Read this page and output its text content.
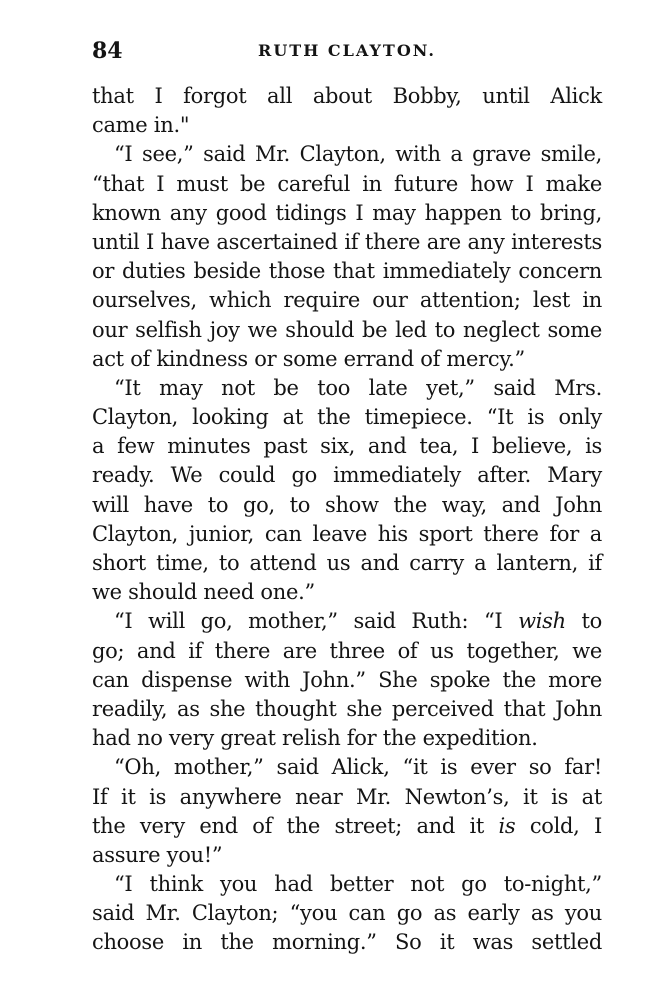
84	RUTH CLAYTON.
that I forgot all about Bobby, until Alick
came in."
“I see,” said Mr. Clayton, with a grave smile,
“that I must be careful in future how I make
known any good tidings I may happen to bring,
until I have ascertained if there are any interests
or duties beside those that immediately concern
ourselves, which require our attention; lest in
our selfish joy we should be led to neglect some
act of kindness or some errand of mercy.”
“It may not be too late yet,” said Mrs.
Clayton, looking at the timepiece. “It is only
a few minutes past six, and tea, I believe, is
ready. We could go immediately after. Mary
will have to go, to show the way, and John
Clayton, junior, can leave his sport there for a
short time, to attend us and carry a lantern, if
we should need one.”
“I will go, mother,” said Ruth: “I wish to
go; and if there are three of us together, we
can dispense with John.” She spoke the more
readily, as she thought she perceived that John
had no very great relish for the expedition.
“Oh, mother,” said Alick, “it is ever so far!
If it is anywhere near Mr. Newton’s, it is at
the very end of the street; and it is cold, I
assure you!”
“I think you had better not go to-night,”
said Mr. Clayton; “you can go as early as you
choose in the morning.” So it was settled
